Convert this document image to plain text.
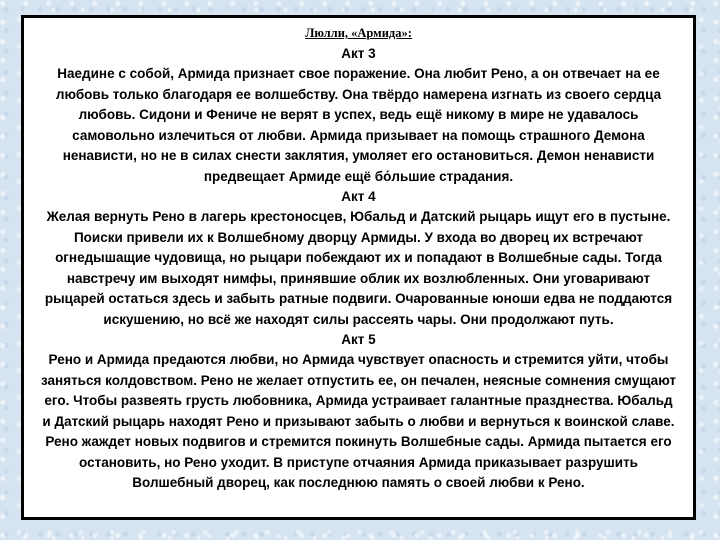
Люлли, «Армида»:
Акт 3
Наедине с собой, Армида признает свое поражение. Она любит Рено, а он отвечает на ее любовь только благодаря ее волшебству. Она твёрдо намерена изгнать из своего сердца любовь. Сидони и Фениче не верят в успех, ведь ещё никому в мире не удавалось самовольно излечиться от любви. Армида призывает на помощь страшного Демона ненависти, но не в силах снести заклятия, умоляет его остановиться. Демон ненависти предвещает Армиде ещё бо́льшие страдания.
Акт 4
Желая вернуть Рено в лагерь крестоносцев, Юбальд и Датский рыцарь ищут его в пустыне. Поиски привели их к Волшебному дворцу Армиды. У входа во дворец их встречают огнедышащие чудовища, но рыцари побеждают их и попадают в Волшебные сады. Тогда навстречу им выходят нимфы, принявшие облик их возлюбленных. Они уговаривают рыцарей остаться здесь и забыть ратные подвиги. Очарованные юноши едва не поддаются искушению, но всё же находят силы рассеять чары. Они продолжают путь.
Акт 5
Рено и Армида предаются любви, но Армида чувствует опасность и стремится уйти, чтобы заняться колдовством. Рено не желает отпустить ее, он печален, неясные сомнения смущают его. Чтобы развеять грусть любовника, Армида устраивает галантные празднества. Юбальд и Датский рыцарь находят Рено и призывают забыть о любви и вернуться к воинской славе. Рено жаждет новых подвигов и стремится покинуть Волшебные сады. Армида пытается его остановить, но Рено уходит. В приступе отчаяния Армида приказывает разрушить Волшебный дворец, как последнюю память о своей любви к Рено.
